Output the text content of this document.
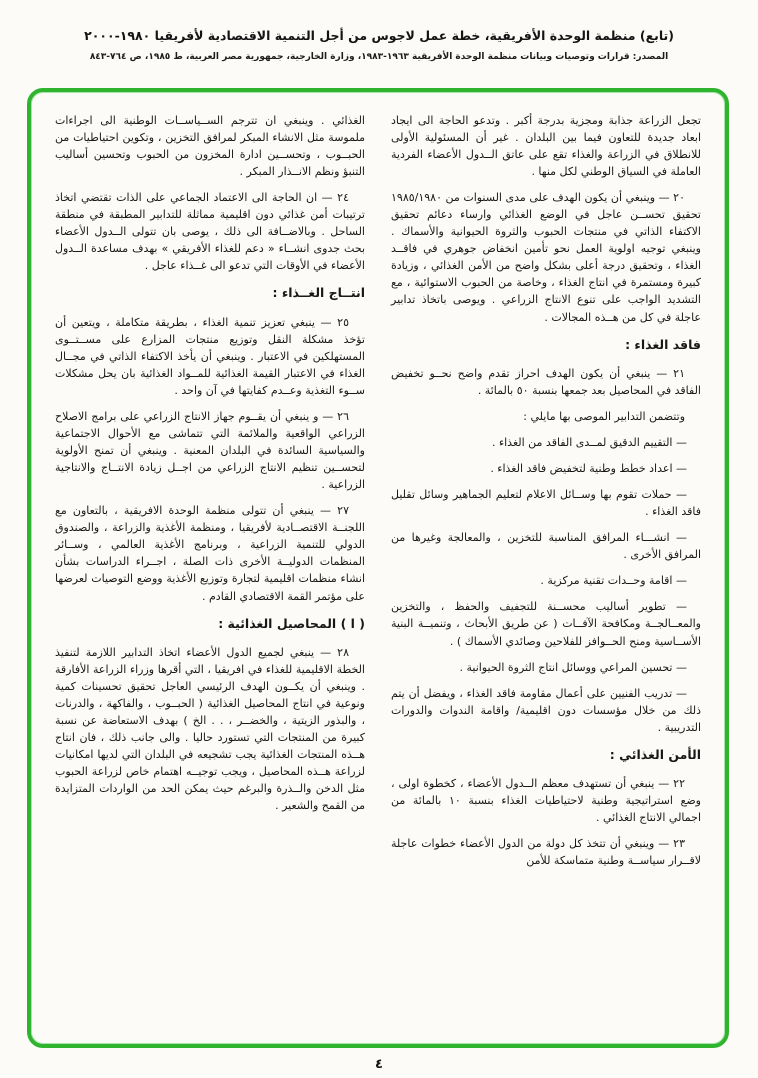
(تابع) منظمة الوحدة الأفريقية، خطة عمل لاجوس من أجل التنمية الاقتصادية لأفريقيا ١٩٨٠-٢٠٠٠
المصدر: قرارات وتوصيات وبيانات منظمة الوحدة الأفريقية ١٩٦٣-١٩٨٣، وزارة الخارجية، جمهورية مصر العربية، ط ١٩٨٥، ص ٧٦٤-٨٤٣
تجعل الزراعة جذابة ومجزية بدرجة أكبر . وتدعو الحاجة الى ايجاد ابعاد جديدة للتعاون فيما بين البلدان . غير أن المسئولية الأولى للانطلاق في الزراعة والغذاء تقع على عاتق الــدول الأعضاء الفردية العاملة في السياق الوطني لكل منها .
٢٠ — وينبغي أن يكون الهدف على مدى السنوات من ١٩٨٥/١٩٨٠ تحقيق تحســن عاجل في الوضع الغذائي وارساء دعائم تحقيق الاكتفاء الذاتي في منتجات الحبوب والثروة الحيوانية والأسماك . وينبغي توجيه اولوية العمل نحو تأمين انخفاض جوهري في فاقــد الغذاء ، وتحقيق درجة أعلى بشكل واضح من الأمن الغذائي ، وزيادة كبيرة ومستمرة في انتاج الغذاء ، وخاصة من الحبوب الاستوائية ، مع التشديد الواجب على تنوع الانتاج الزراعي . ويوصى باتخاذ تدابير عاجلة في كل من هــذه المجالات .
فاقد الغذاء :
٢١ — ينبغي أن يكون الهدف احراز تقدم واضح نحــو تخفيض الفاقد في المحاصيل بعد جمعها بنسبة ٥٠ بالمائة .
وتتضمن التدابير الموصى بها مايلي :
— التقييم الدقيق لمــدى الفاقد من الغذاء .
— اعداد خطط وطنية لتخفيض فاقد الغذاء .
— حملات تقوم بها وســائل الاعلام لتعليم الجماهير وسائل تقليل فاقد الغذاء .
— انشـــاء المرافق المناسبة للتخزين ، والمعالجة وغيرها من المرافق الأخرى .
— اقامة وحــدات تقنية مركزية .
— تطوير أساليب محســنة للتجفيف والحفظ ، والتخزين والمعــالجــة ومكافحة الآفــات ( عن طريق الأبحاث ، وتنميــة البنية الأســاسية ومنح الحــوافز للفلاحين وصائدي الأسماك ) .
— تحسين المراعي ووسائل انتاج الثروة الحيوانية .
— تدريب الفنيين على أعمال مقاومة فاقد الغذاء ، ويفضل أن يتم ذلك من خلال مؤسسات دون اقليمية/ واقامة الندوات والدورات التدريبية .
الأمن الغذائي :
٢٢ — ينبغي أن تستهدف معظم الــدول الأعضاء ، كخطوة اولى ، وضع استراتيجية وطنية لاحتياطيات الغذاء بنسبة ١٠ بالمائة من اجمالي الانتاج الغذائي .
٢٣ — وينبغي أن تتخذ كل دولة من الدول الأعضاء خطوات عاجلة لاقــرار سياســة وطنية متماسكة للأمن
الغذائي . وينبغي ان تترجم الســياســات الوطنية الى اجراءات ملموسة مثل الانشاء المبكر لمرافق التخزين ، وتكوين احتياطيات من الحبــوب ، وتحســين ادارة المخزون من الحبوب وتحسين أساليب التنبؤ ونظم الانــذار المبكر .
٢٤ — ان الحاجة الى الاعتماد الجماعي على الذات تقتضي اتخاذ ترتيبات أمن غذائي دون اقليمية مماثلة للتدابير المطبقة في منطقة الساحل . وبالاضــافة الى ذلك ، يوصى بان تتولى الــدول الأعضاء بحث جدوى انشــاء « دعم للغذاء الأفريقي » بهدف مساعدة الــدول الأعضاء في الأوقات التي تدعو الى غــذاء عاجل .
انتــاج الغــذاء :
٢٥ — ينبغي تعزيز تنمية الغذاء ، بطريقة متكاملة ، ويتعين أن تؤخذ مشكلة النقل وتوزيع منتجات المزارع على مســتــوى المستهلكين في الاعتبار . وينبغي أن يأخذ الاكتفاء الذاتي في مجــال الغذاء في الاعتبار القيمة الغذائية للمــواد الغذائية بان يحل مشكلات ســوء التغذية وعــدم كفايتها في آن واحد .
٢٦ — و ينبغي أن يقــوم جهاز الانتاج الزراعي على برامج الاصلاح الزراعي الواقعية والملائمة التي تتماشى مع الأحوال الاجتماعية والسياسية السائدة في البلدان المعنية . وينبغي أن تمنح الأولوية لتحســين تنظيم الانتاج الزراعي من اجــل زيادة الانتــاج والانتاجية الزراعية .
٢٧ — ينبغي أن تتولى منظمة الوحدة الافريقية ، بالتعاون مع اللجنــة الاقتصــادية لأفريقيا ، ومنظمة الأغذية والزراعة ، والصندوق الدولي للتنمية الزراعية ، وبرنامج الأغذية العالمي ، وســائر المنظمات الدوليــة الأخرى ذات الصلة ، اجــراء الدراسات بشأن انشاء منظمات اقليمية لتجارة وتوزيع الأغذية ووضع التوصيات لعرضها على مؤتمر القمة الاقتصادي القادم .
( ا ) المحاصيل الغذائية :
٢٨ — ينبغي لجميع الدول الأعضاء اتخاذ التدابير اللازمة لتنفيذ الخطة الاقليمية للغذاء في افريقيا ، التي أقرها وزراء الزراعة الأفارقة . وينبغي أن يكــون الهدف الرئيسي العاجل تحقيق تحسينات كمية ونوعية في انتاج المحاصيل الغذائية ( الحبــوب ، والفاكهة ، والدرنات ، والبذور الزيتية ، والخضــر ، . . الخ ) بهدف الاستعاضة عن نسبة كبيرة من المنتجات التي تستورد حاليا . والى جانب ذلك ، فان انتاج هــذه المنتجات الغذائية يجب تشجيعه في البلدان التي لديها امكانيات لزراعة هــذه المحاصيل ، ويجب توجيــه اهتمام خاص لزراعة الحبوب مثل الدخن والــذرة والبرغم حيث يمكن الحد من الواردات المتزايدة من القمح والشعير .
٤
